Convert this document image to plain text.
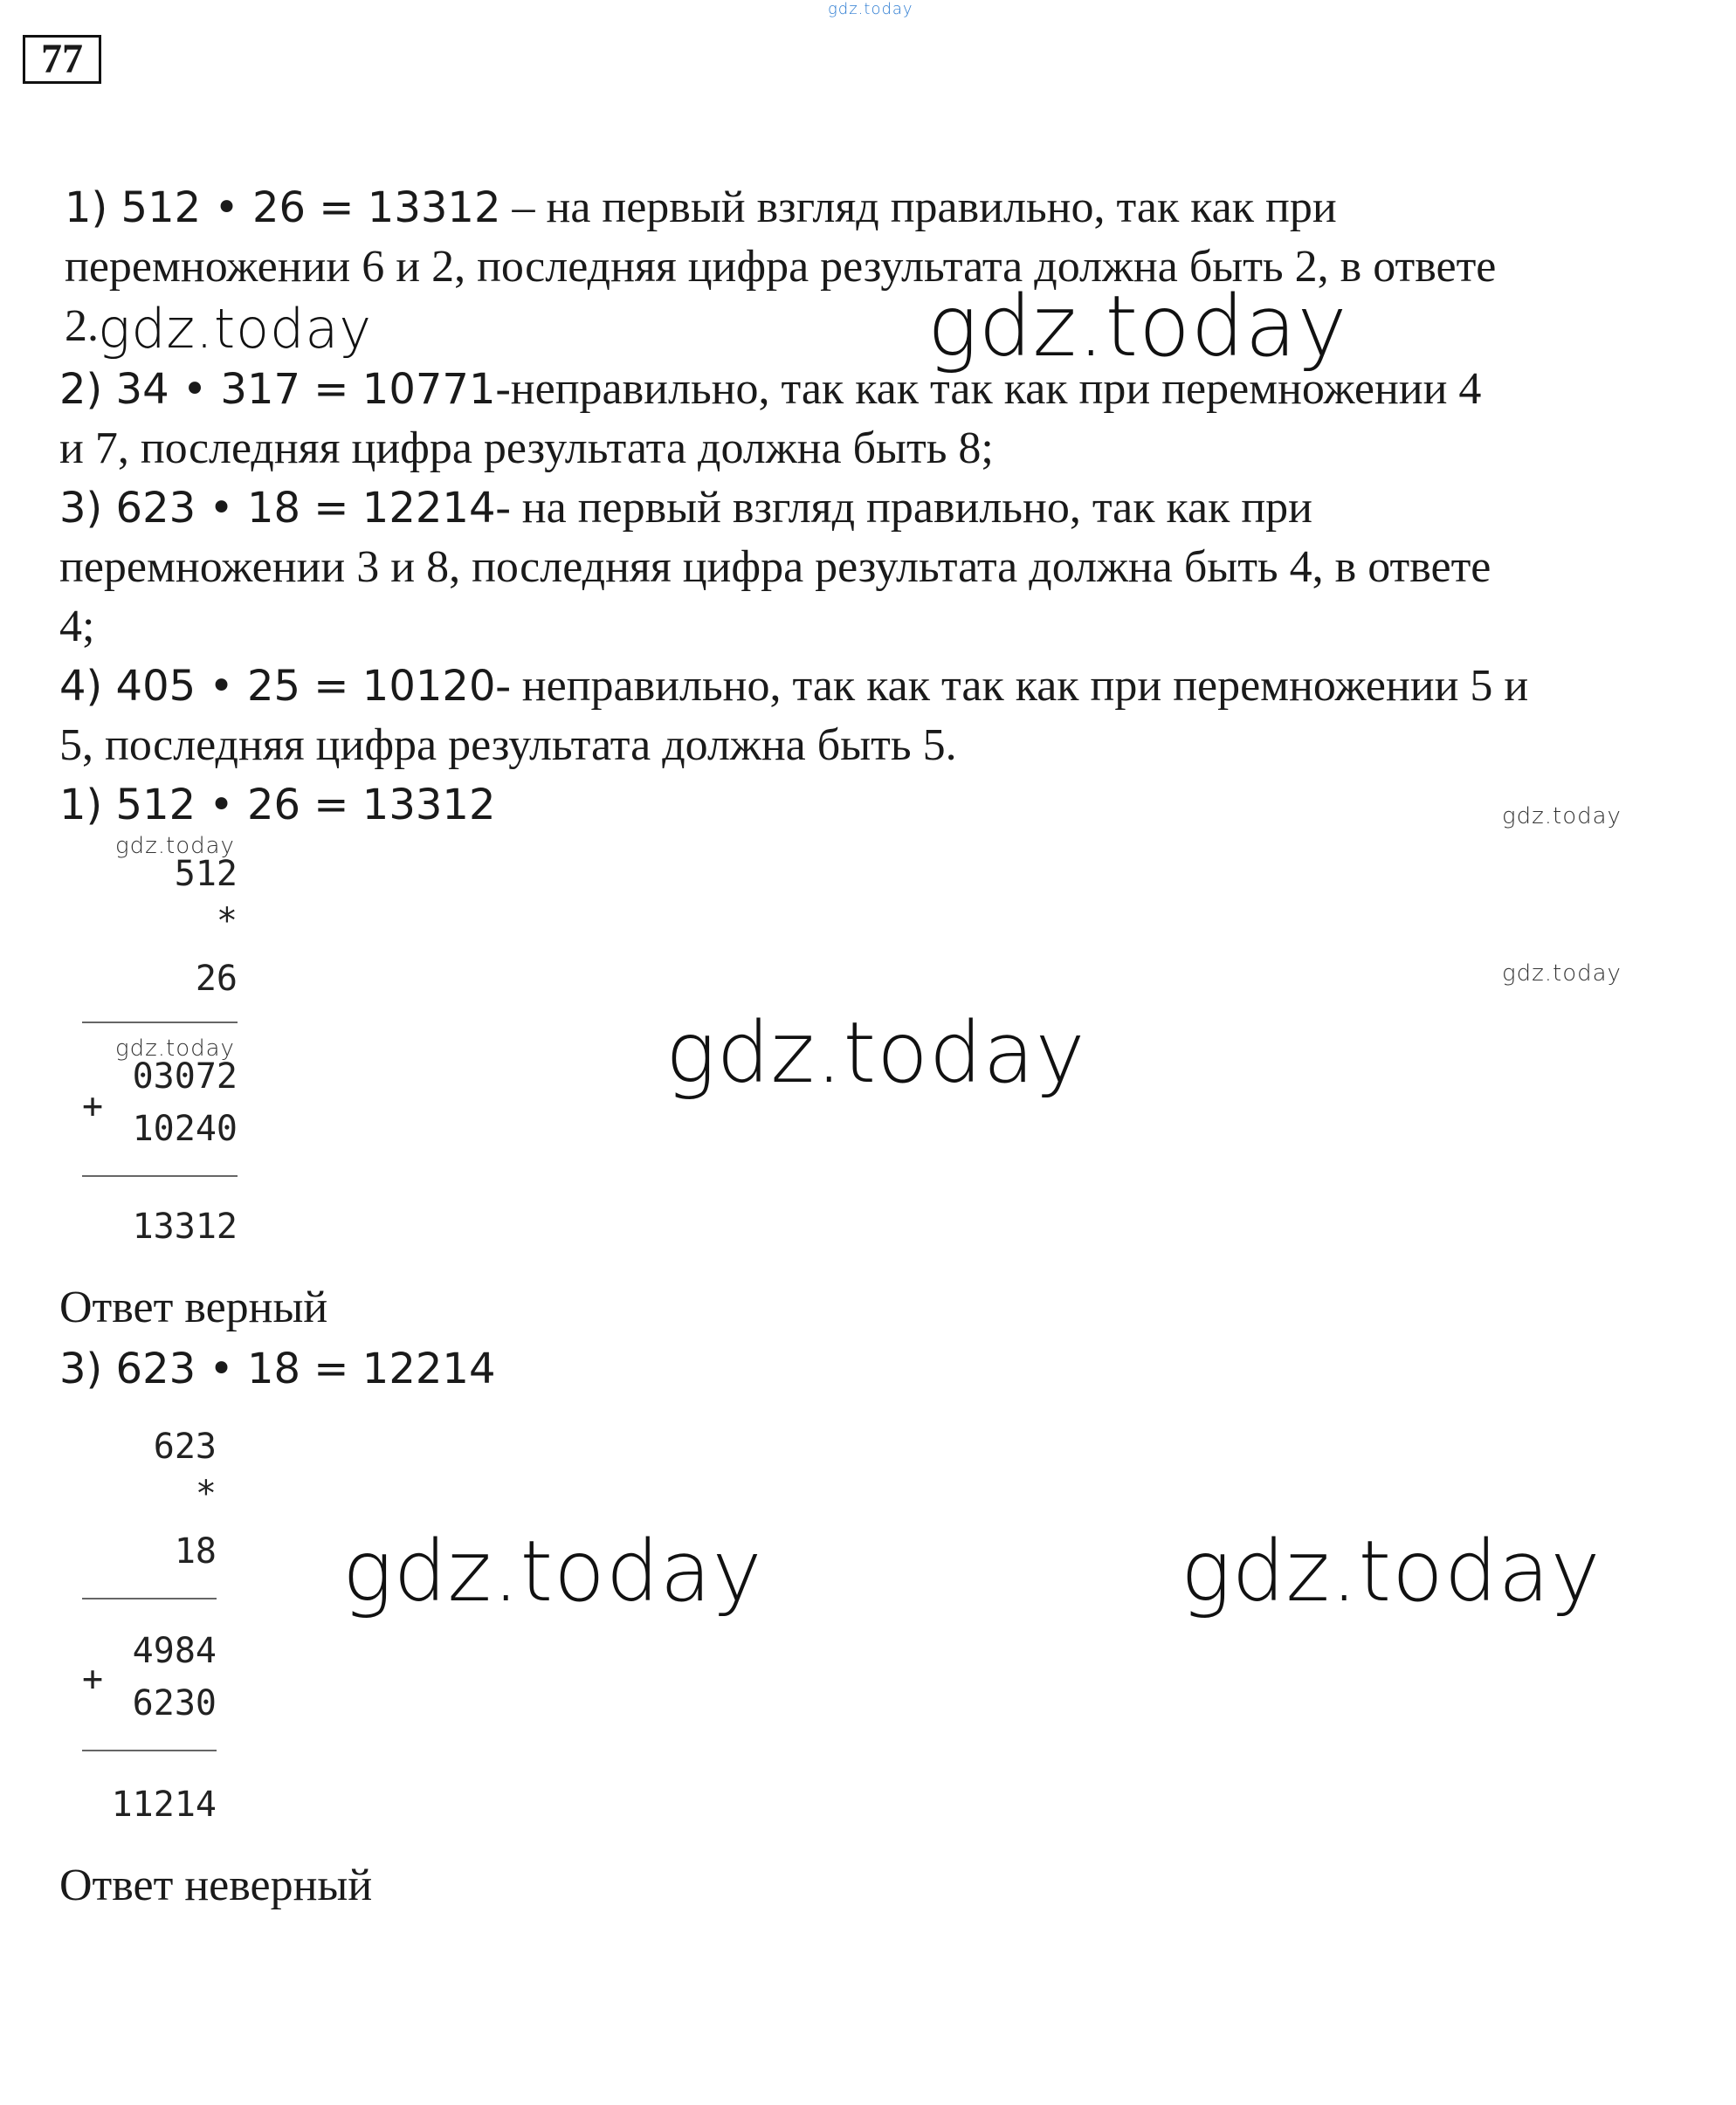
gdz.today
77
1) 512 • 26 = 13312 – на первый взгляд правильно, так как при
перемножении 6 и 2, последняя цифра результата должна быть 2, в ответе
2.
2) 34 • 317 = 10771-неправильно, так как так как при перемножении 4
и 7, последняя цифра результата должна быть 8;
3) 623 • 18 = 12214- на первый взгляд правильно, так как при
перемножении 3 и 8, последняя цифра результата должна быть 4, в ответе
4;
4) 405 • 25 = 10120- неправильно, так как так как при перемножении 5 и
5, последняя цифра результата должна быть 5.
1) 512 • 26 = 13312
512
*
26
03072
+
10240
13312
Ответ верный
3) 623 • 18 = 12214
623
*
18
4984
+
6230
11214
Ответ неверный
gdz.today	gdz.today
gdz.today
gdz.today
gdz.today
gdz.today	gdz.today
gdz.today	gdz.today
